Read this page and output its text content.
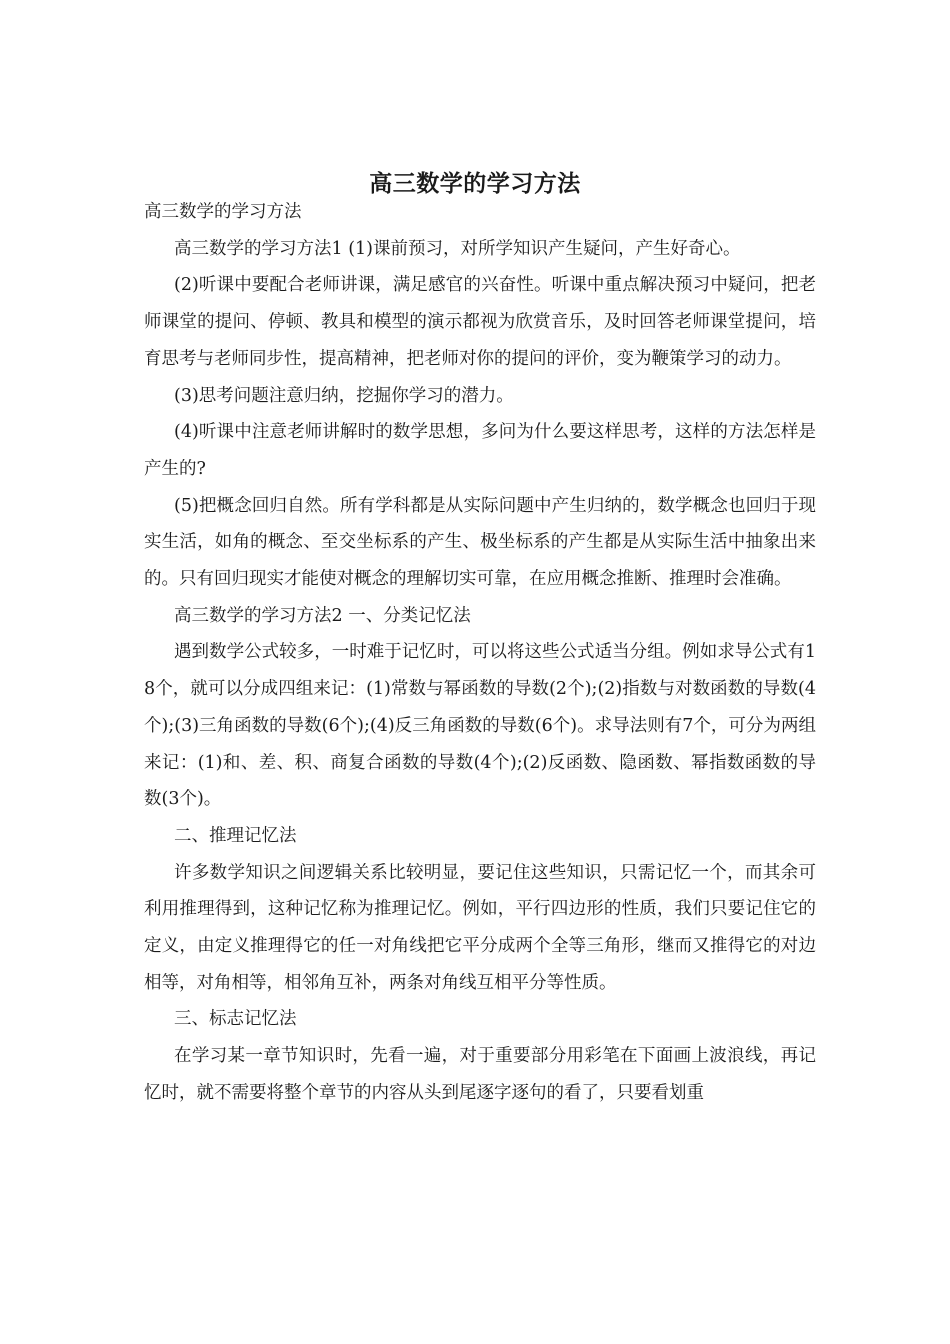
高三数学的学习方法

高三数学的学习方法

高三数学的学习方法1 (1)课前预习，对所学知识产生疑问，产生好奇心。

(2)听课中要配合老师讲课，满足感官的兴奋性。听课中重点解决预习中疑问，把老师课堂的提问、停顿、教具和模型的演示都视为欣赏音乐，及时回答老师课堂提问，培育思考与老师同步性，提高精神，把老师对你的提问的评价，变为鞭策学习的动力。

(3)思考问题注意归纳，挖掘你学习的潜力。

(4)听课中注意老师讲解时的数学思想，多问为什么要这样思考，这样的方法怎样是产生的?

(5)把概念回归自然。所有学科都是从实际问题中产生归纳的，数学概念也回归于现实生活，如角的概念、至交坐标系的产生、极坐标系的产生都是从实际生活中抽象出来的。只有回归现实才能使对概念的理解切实可靠，在应用概念推断、推理时会准确。

高三数学的学习方法2 一、分类记忆法

遇到数学公式较多，一时难于记忆时，可以将这些公式适当分组。例如求导公式有18个，就可以分成四组来记：(1)常数与幂函数的导数(2个);(2)指数与对数函数的导数(4个);(3)三角函数的导数(6个);(4)反三角函数的导数(6个)。求导法则有7个，可分为两组来记：(1)和、差、积、商复合函数的导数(4个);(2)反函数、隐函数、幂指数函数的导数(3个)。

二、推理记忆法

许多数学知识之间逻辑关系比较明显，要记住这些知识，只需记忆一个，而其余可利用推理得到，这种记忆称为推理记忆。例如，平行四边形的性质，我们只要记住它的定义，由定义推理得它的任一对角线把它平分成两个全等三角形，继而又推得它的对边相等，对角相等，相邻角互补，两条对角线互相平分等性质。

三、标志记忆法

在学习某一章节知识时，先看一遍，对于重要部分用彩笔在下面画上波浪线，再记忆时，就不需要将整个章节的内容从头到尾逐字逐句的看了，只要看划重
